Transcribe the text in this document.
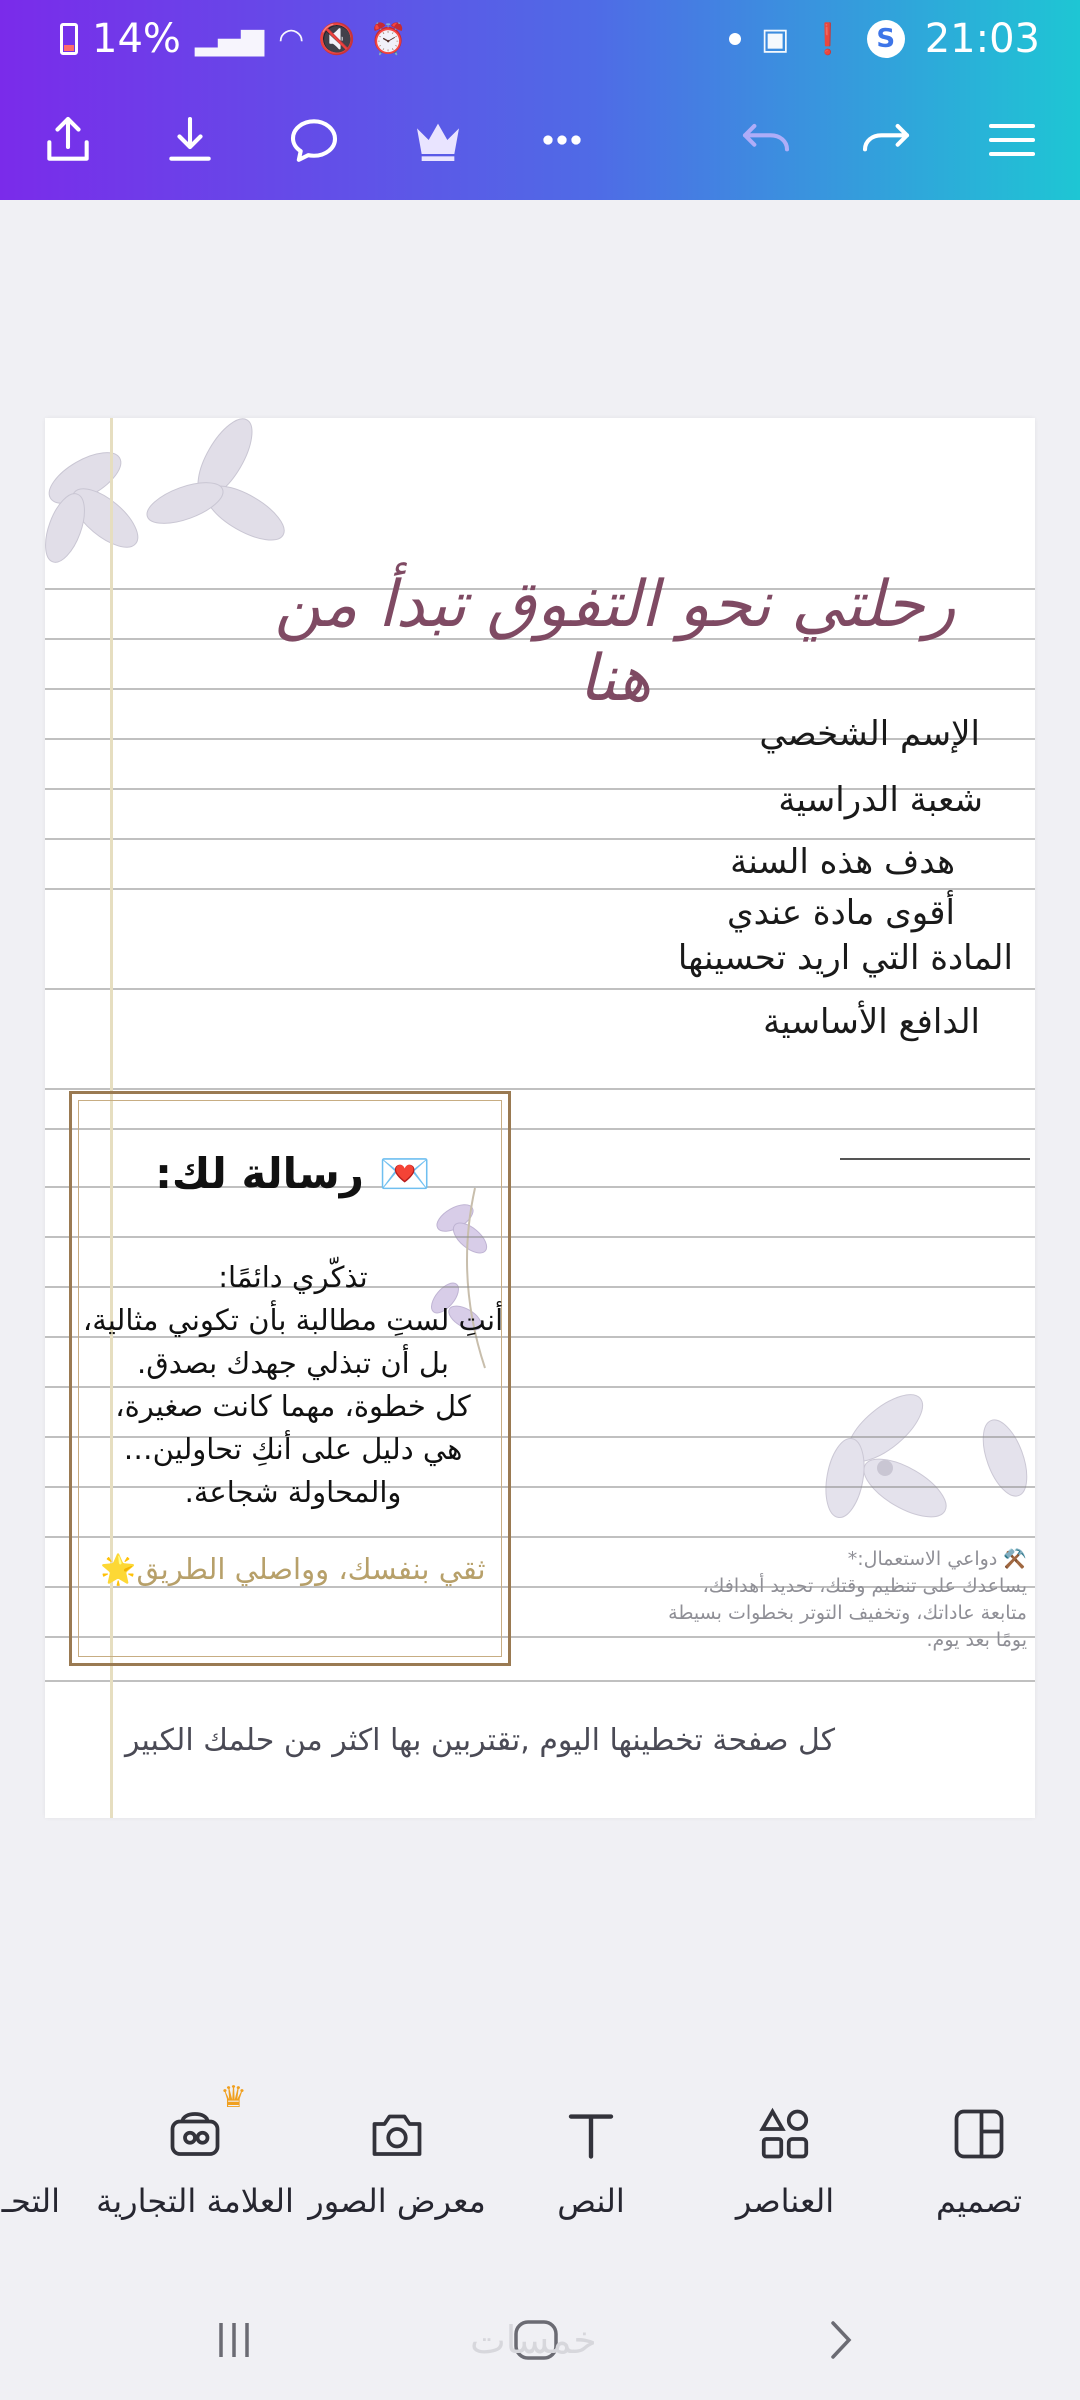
14% ▂▄▆ ◠ 🔇 ⏰	▣ ❗	S 21:03
رحلتي نحو التفوق تبدأ من هنا
الإسم الشخصي
شعبة الدراسية
هدف هذه السنة
أقوى مادة عندي
المادة التي اريد تحسينها
الدافع الأساسية
💌 رسالة لك:
تذكّري دائمًا:
أنتِ لستِ مطالبة بأن تكوني مثالية،
بل أن تبذلي جهدك بصدق.
كل خطوة، مهما كانت صغيرة،
هي دليل على أنكِ تحاولين…
والمحاولة شجاعة.
ثقي بنفسك، وواصلي الطريق🌟	⚒️ دواعي الاستعمال:*
يساعدك على تنظيم وقتك، تحديد أهدافك،
متابعة عاداتك، وتخفيف التوتر بخطوات بسيطة
يومًا بعد يوم.
كل صفحة تخطينها اليوم ,تقتربين بها اكثر من حلمك الكبير
تصميم
العناصر
النص
معرض الصور
♛
العلامة التجارية
التحـ
خمسات
